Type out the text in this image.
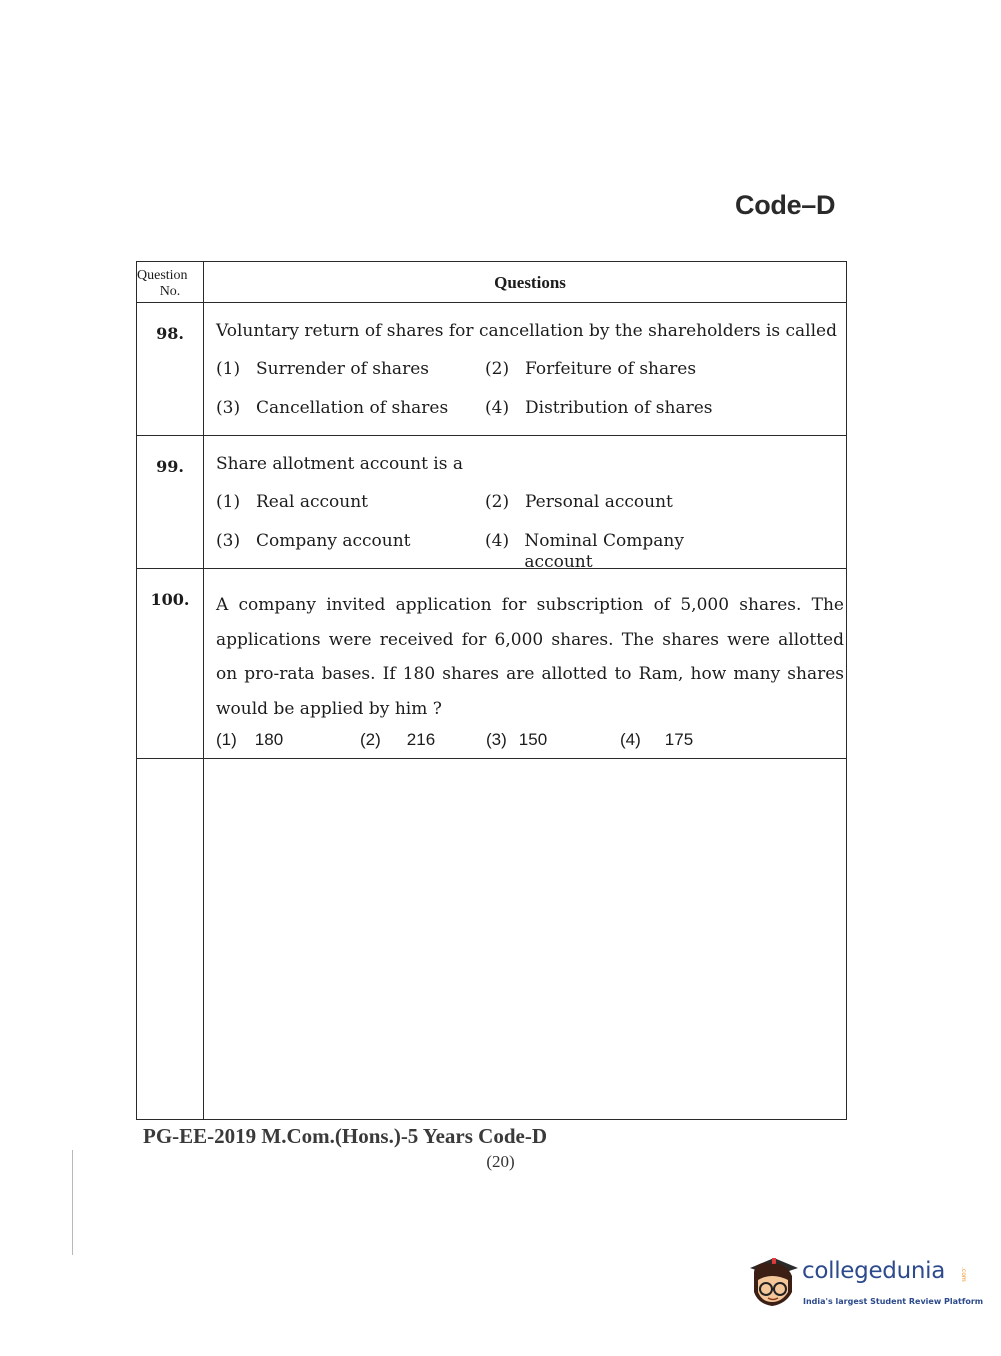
Code–D
Question
No.	Questions
98.	Voluntary return of shares for cancellation by the shareholders is called
(1) Surrender of shares	(2) Forfeiture of shares
(3) Cancellation of shares (4) Distribution of shares
99.	Share allotment account is a
(1) Real account	(2) Personal account
(3) Company account	(4) Nominal Company account
100.	A company invited application for subscription of 5,000 shares. The applications were received for 6,000 shares. The shares were allotted on pro-rata bases. If 180 shares are allotted to Ram, how many shares would be applied by him ?
(1) 180	(2) 216	(3) 150	(4) 175
PG-EE-2019 M.Com.(Hons.)-5 Years Code-D
(20)
collegedunia .com
India's largest Student Review Platform
